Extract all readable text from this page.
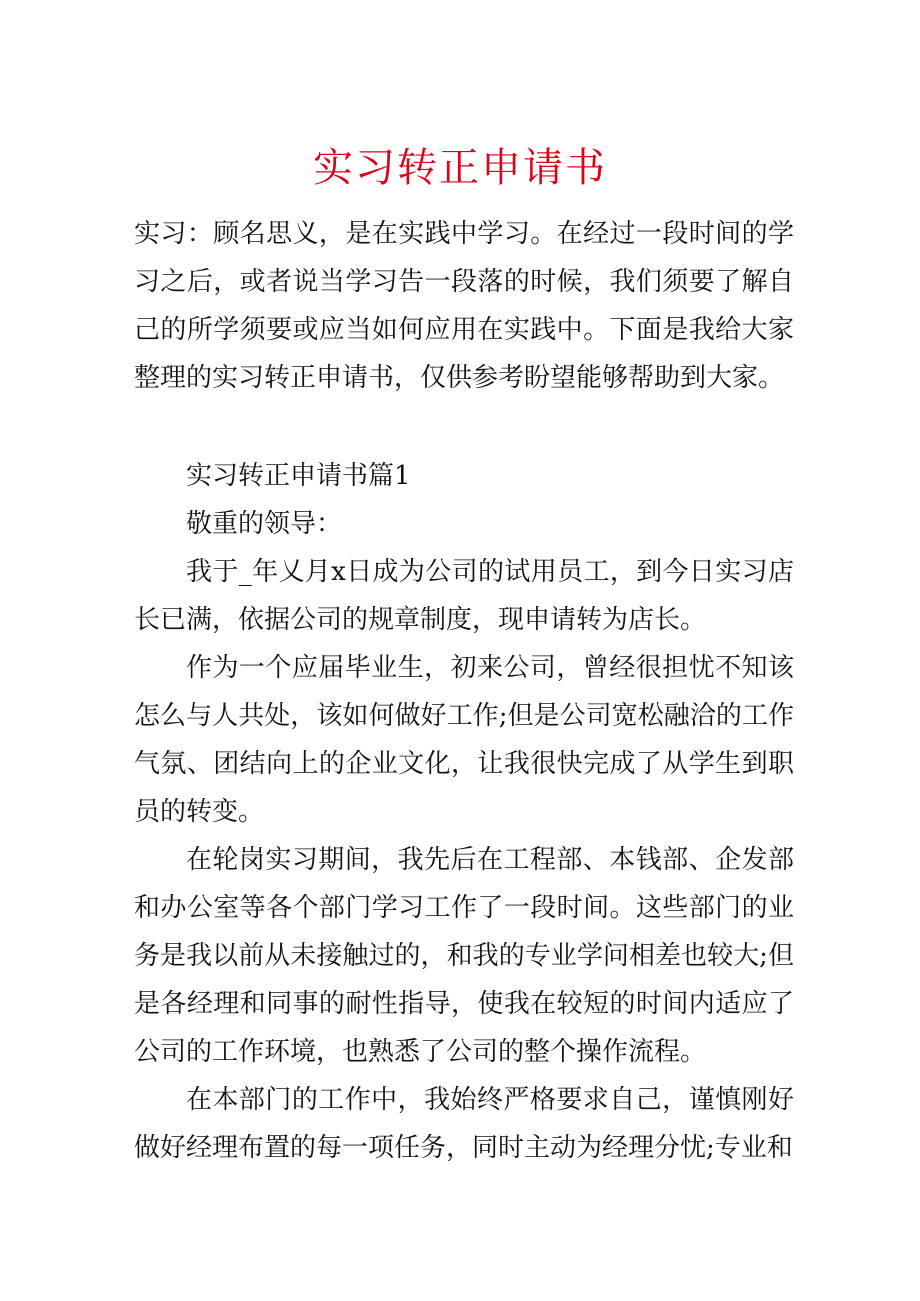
实习转正申请书

实习：顾名思义，是在实践中学习。在经过一段时间的学习之后，或者说当学习告一段落的时候，我们须要了解自己的所学须要或应当如何应用在实践中。下面是我给大家整理的实习转正申请书，仅供参考盼望能够帮助到大家。

实习转正申请书篇1

敬重的领导：

我于_年乂月x日成为公司的试用员工，到今日实习店长已满，依据公司的规章制度，现申请转为店长。

作为一个应届毕业生，初来公司，曾经很担忧不知该怎么与人共处，该如何做好工作;但是公司宽松融洽的工作气氛、团结向上的企业文化，让我很快完成了从学生到职员的转变。

在轮岗实习期间，我先后在工程部、本钱部、企发部和办公室等各个部门学习工作了一段时间。这些部门的业务是我以前从未接触过的，和我的专业学问相差也较大;但是各经理和同事的耐性指导，使我在较短的时间内适应了公司的工作环境，也熟悉了公司的整个操作流程。

在本部门的工作中，我始终严格要求自己，谨慎刚好做好经理布置的每一项任务，同时主动为经理分忧;专业和
